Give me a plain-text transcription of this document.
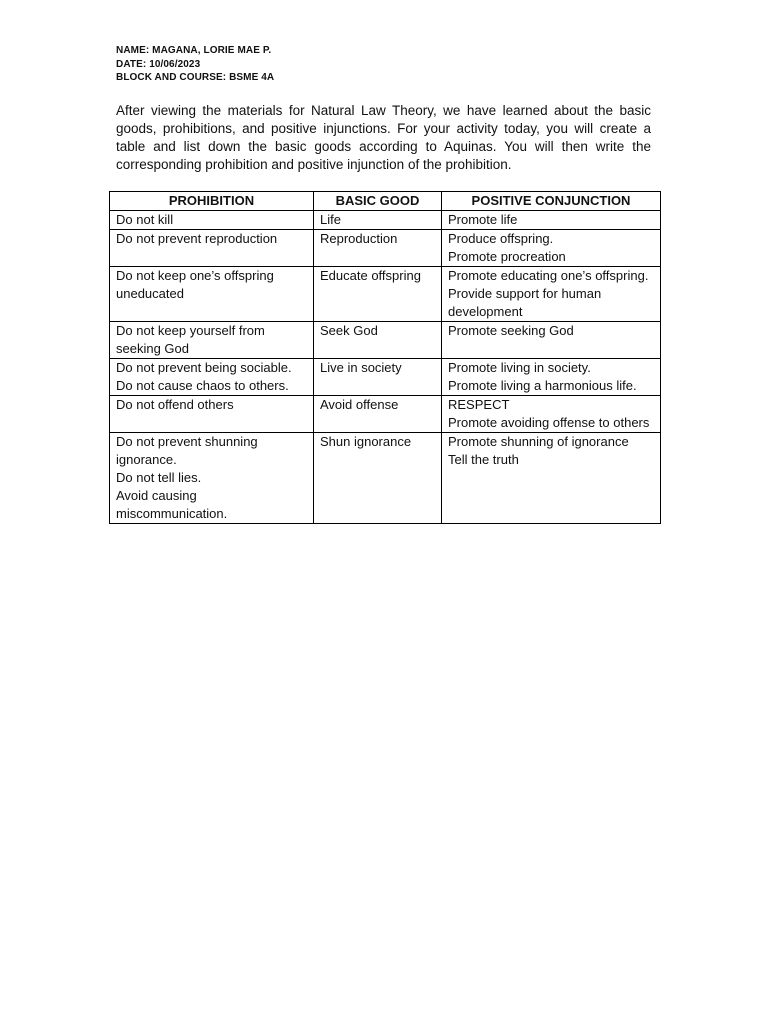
NAME: MAGANA, LORIE MAE P.
DATE: 10/06/2023
BLOCK AND COURSE: BSME 4A
After viewing the materials for Natural Law Theory, we have learned about the basic goods, prohibitions, and positive injunctions. For your activity today, you will create a table and list down the basic goods according to Aquinas. You will then write the corresponding prohibition and positive injunction of the prohibition.
PROHIBITION	BASIC GOOD	POSITIVE CONJUNCTION

Do not kill	Life	Promote life

Do not prevent reproduction	Reproduction	Produce offspring.
Promote procreation

Do not keep one’s offspring uneducated	Educate offspring	Promote educating one’s offspring.
Provide support for human development

Do not keep yourself from seeking God	Seek God	Promote seeking God

Do not prevent being sociable.
Do not cause chaos to others.	Live in society	Promote living in society.
Promote living a harmonious life.

Do not offend others	Avoid offense	RESPECT
Promote avoiding offense to others

Do not prevent shunning ignorance.
Do not tell lies.
Avoid causing miscommunication.	Shun ignorance	Promote shunning of ignorance
Tell the truth
